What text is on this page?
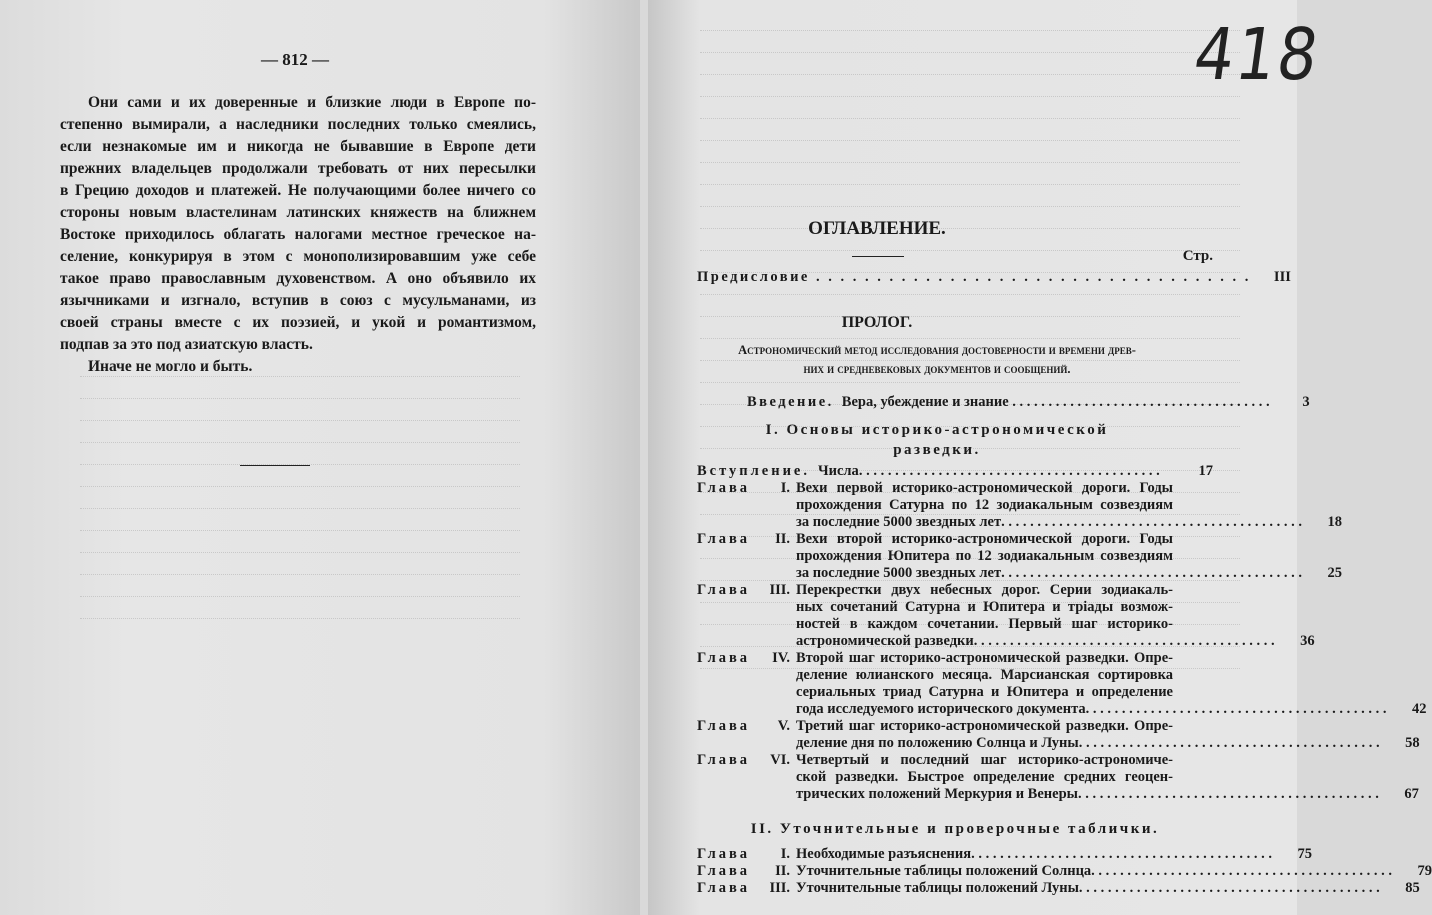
— 812 —
Они сами и их доверенные и близкие люди в Европе по-
степенно вымирали, а наследники последних только смеялись,
если незнакомые им и никогда не бывавшие в Европе дети
прежних владельцев продолжали требовать от них пересылки
в Грецию доходов и платежей. Не получающими более ничего со
стороны новым властелинам латинских княжеств на ближнем
Востоке приходилось облагать налогами местное греческое на-
селение, конкурируя в этом с монополизировавшим уже себе
такое право православным духовенством. А оно объявило их
язычниками и изгнало, вступив в союз с мусульманами, из
своей страны вместе с их поэзией, и укой и романтизмом,
подпав за это под азиатскую власть.
Иначе не могло и быть.
418
ОГЛАВЛЕНИЕ.
Стр.
Предисловие . . . . . . . . . . . . . . . . . . . . . . . . . . . . . . . . . . . .	III
ПРОЛОГ.
Астрономический метод исследования достоверности и времени древ-
них и средневековых документов и сообщений.
Введение. Вера, убеждение и знание . . . . . . . . . . . . . . . . . . . . . . . . . . . . . . . . . . . .	3
I. Основы историко-астрономической
разведки.
Вступление. Числа . . . . . . . . . . . . . . . . . . . . . . . . . . . . . . . . . . . . . . . . . .	17
Глава	I. Вехи первой историко-астрономической дороги. Годы
прохождения Сатурна по 12 зодиакальным созвездиям
за последние 5000 звездных лет . . . . . . . . . . . . . . . . . . . . . . . . . . . . . . . . . . . . . . . . . .	18
Глава	II. Вехи второй историко-астрономической дороги. Годы
прохождения Юпитера по 12 зодиакальным созвездиям
за последние 5000 звездных лет . . . . . . . . . . . . . . . . . . . . . . . . . . . . . . . . . . . . . . . . . .	25
Глава	III. Перекрестки двух небесных дорог. Серии зодиакаль-
ных сочетаний Сатурна и Юпитера и тріады возмож-
ностей в каждом сочетании. Первый шаг историко-
астрономической разведки . . . . . . . . . . . . . . . . . . . . . . . . . . . . . . . . . . . . . . . . . .	36
Глава	IV. Второй шаг историко-астрономической разведки. Опре-
деление юлианского месяца. Марсианская сортировка
сериальных триад Сатурна и Юпитера и определение
года исследуемого исторического документа . . . . . . . . . . . . . . . . . . . . . . . . . . . . . . . . . . . . . . . . . .	42
Глава	V. Третий шаг историко-астрономической разведки. Опре-
деление дня по положению Солнца и Луны . . . . . . . . . . . . . . . . . . . . . . . . . . . . . . . . . . . . . . . . . .	58
Глава	VI. Четвертый и последний шаг историко-астрономиче-
ской разведки. Быстрое определение средних геоцен-
трических положений Меркурия и Венеры . . . . . . . . . . . . . . . . . . . . . . . . . . . . . . . . . . . . . . . . . .	67
II. Уточнительные и проверочные таблички.
Глава	I. Необходимые разъяснения . . . . . . . . . . . . . . . . . . . . . . . . . . . . . . . . . . . . . . . . . .	75
Глава	II. Уточнительные таблицы положений Солнца . . . . . . . . . . . . . . . . . . . . . . . . . . . . . . . . . . . . . . . . . .	79
Глава	III. Уточнительные таблицы положений Луны . . . . . . . . . . . . . . . . . . . . . . . . . . . . . . . . . . . . . . . . . .	85
